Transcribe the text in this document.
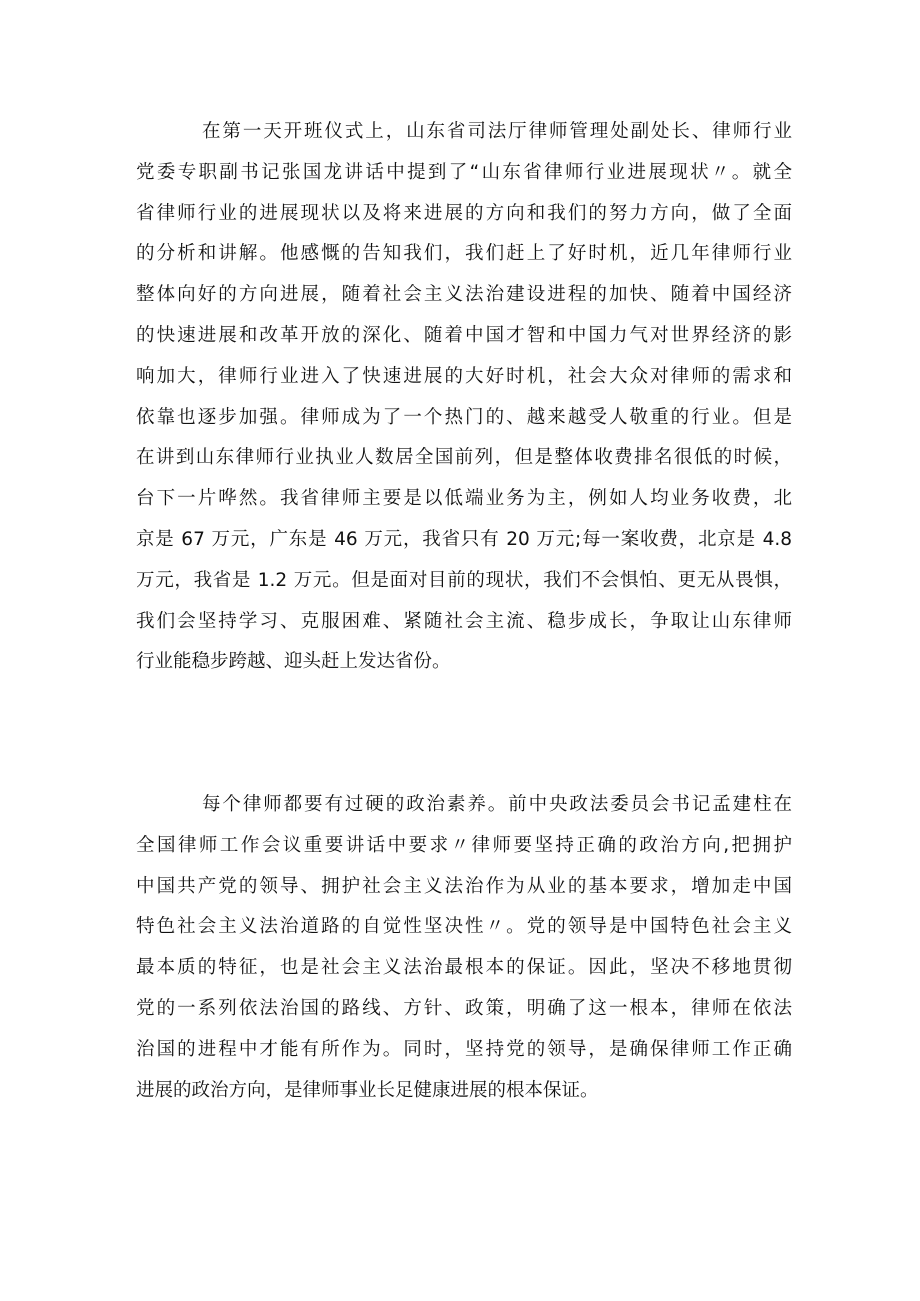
在第一天开班仪式上，山东省司法厅律师管理处副处长、律师行业
党委专职副书记张国龙讲话中提到了“山东省律师行业进展现状〃。就全
省律师行业的进展现状以及将来进展的方向和我们的努力方向，做了全面
的分析和讲解。他感慨的告知我们，我们赶上了好时机，近几年律师行业
整体向好的方向进展，随着社会主义法治建设进程的加快、随着中国经济
的快速进展和改革开放的深化、随着中国才智和中国力气对世界经济的影
响加大，律师行业进入了快速进展的大好时机，社会大众对律师的需求和
依靠也逐步加强。律师成为了一个热门的、越来越受人敬重的行业。但是
在讲到山东律师行业执业人数居全国前列，但是整体收费排名很低的时候，
台下一片哗然。我省律师主要是以低端业务为主，例如人均业务收费，北
京是 67 万元，广东是 46 万元，我省只有 20 万元;每一案收费，北京是 4.8
万元，我省是 1.2 万元。但是面对目前的现状，我们不会惧怕、更无从畏惧，
我们会坚持学习、克服困难、紧随社会主流、稳步成长，争取让山东律师
行业能稳步跨越、迎头赶上发达省份。
每个律师都要有过硬的政治素养。前中央政法委员会书记孟建柱在
全国律师工作会议重要讲话中要求〃律师要坚持正确的政治方向,把拥护
中国共产党的领导、拥护社会主义法治作为从业的基本要求，增加走中国
特色社会主义法治道路的自觉性坚决性〃。党的领导是中国特色社会主义
最本质的特征，也是社会主义法治最根本的保证。因此，坚决不移地贯彻
党的一系列依法治国的路线、方针、政策，明确了这一根本，律师在依法
治国的进程中才能有所作为。同时，坚持党的领导，是确保律师工作正确
进展的政治方向，是律师事业长足健康进展的根本保证。
